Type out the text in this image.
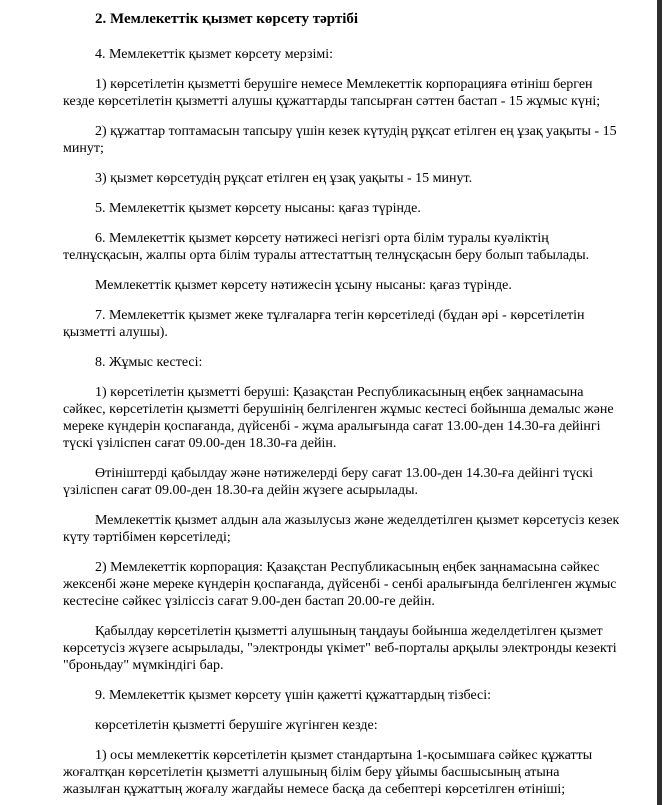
2. Мемлекеттік қызмет көрсету тәртібі

4. Мемлекеттік қызмет көрсету мерзімі:

1) көрсетілетін қызметті берушіге немесе Мемлекеттік корпорацияға өтініш берген кезде көрсетілетін қызметті алушы құжаттарды тапсырған сәттен бастап - 15 жұмыс күні;

2) құжаттар топтамасын тапсыру үшін кезек күтудің рұқсат етілген ең ұзақ уақыты - 15 минут;

3) қызмет көрсетудің рұқсат етілген ең ұзақ уақыты - 15 минут.

5. Мемлекеттік қызмет көрсету нысаны: қағаз түрінде.

6. Мемлекеттік қызмет көрсету нәтижесі негізгі орта білім туралы куәліктің телнұсқасын, жалпы орта білім туралы аттестаттың телнұсқасын беру болып табылады.

Мемлекеттік қызмет көрсету нәтижесін ұсыну нысаны: қағаз түрінде.

7. Мемлекеттік қызмет жеке тұлғаларға тегін көрсетіледі (бұдан әрі - көрсетілетін қызметті алушы).

8. Жұмыс кестесі:

1) көрсетілетін қызметті беруші: Қазақстан Республикасының еңбек заңнамасына сәйкес, көрсетілетін қызметті берушінің белгіленген жұмыс кестесі бойынша демалыс және мереке күндерін қоспағанда, дүйсенбі - жұма аралығында сағат 13.00-ден 14.30-ға дейінгі түскі үзіліспен сағат 09.00-ден 18.30-ға дейін.

Өтініштерді қабылдау және нәтижелерді беру сағат 13.00-ден 14.30-ға дейінгі түскі үзіліспен сағат 09.00-ден 18.30-ға дейін жүзеге асырылады.

Мемлекеттік қызмет алдын ала жазылусыз және жеделдетілген қызмет көрсетусіз кезек күту тәртібімен көрсетіледі;

2) Мемлекеттік корпорация: Қазақстан Республикасының еңбек заңнамасына сәйкес жексенбі және мереке күндерін қоспағанда, дүйсенбі - сенбі аралығында белгіленген жұмыс кестесіне сәйкес үзіліссіз сағат 9.00-ден бастап 20.00-ге дейін.

Қабылдау көрсетілетін қызметті алушының таңдауы бойынша жеделдетілген қызмет көрсетусіз жүзеге асырылады, "электронды үкімет" веб-порталы арқылы электронды кезекті "броньдау" мүмкіндігі бар.

9. Мемлекеттік қызмет көрсету үшін қажетті құжаттардың тізбесі:

көрсетілетін қызметті берушіге жүгінген кезде:

1) осы мемлекеттік көрсетілетін қызмет стандартына 1-қосымшаға сәйкес құжатты жоғалтқан көрсетілетін қызметті алушының білім беру ұйымы басшысының атына жазылған құжаттың жоғалу жағдайы немесе басқа да себептері көрсетілген өтініші;
